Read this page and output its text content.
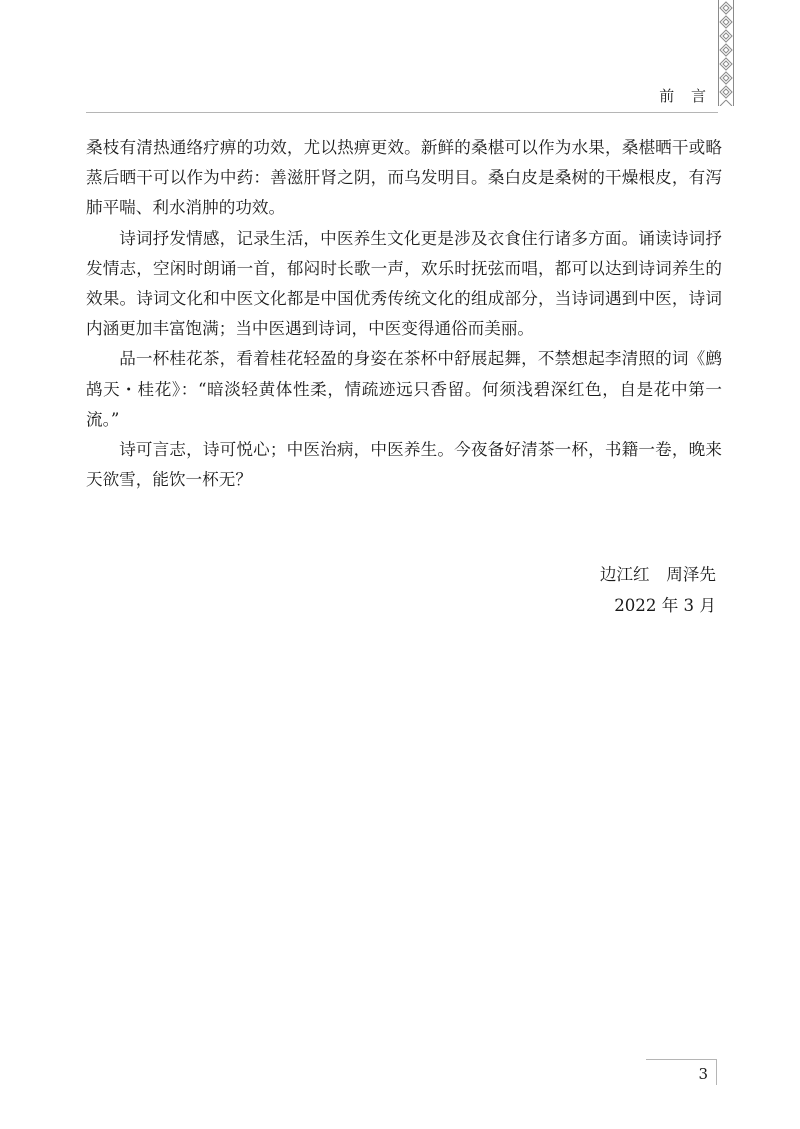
前 言

桑枝有清热通络疗痹的功效，尤以热痹更效。新鲜的桑椹可以作为水果，桑椹晒干或略蒸后晒干可以作为中药：善滋肝肾之阴，而乌发明目。桑白皮是桑树的干燥根皮，有泻肺平喘、利水消肿的功效。

诗词抒发情感，记录生活，中医养生文化更是涉及衣食住行诸多方面。诵读诗词抒发情志，空闲时朗诵一首，郁闷时长歌一声，欢乐时抚弦而唱，都可以达到诗词养生的效果。诗词文化和中医文化都是中国优秀传统文化的组成部分，当诗词遇到中医，诗词内涵更加丰富饱满；当中医遇到诗词，中医变得通俗而美丽。

品一杯桂花茶，看着桂花轻盈的身姿在茶杯中舒展起舞，不禁想起李清照的词《鹧鸪天・桂花》：“暗淡轻黄体性柔，情疏迹远只香留。何须浅碧深红色，自是花中第一流。”

诗可言志，诗可悦心；中医治病，中医养生。今夜备好清茶一杯，书籍一卷，晚来天欲雪，能饮一杯无？

边江红　周泽先
2022 年 3 月
3
